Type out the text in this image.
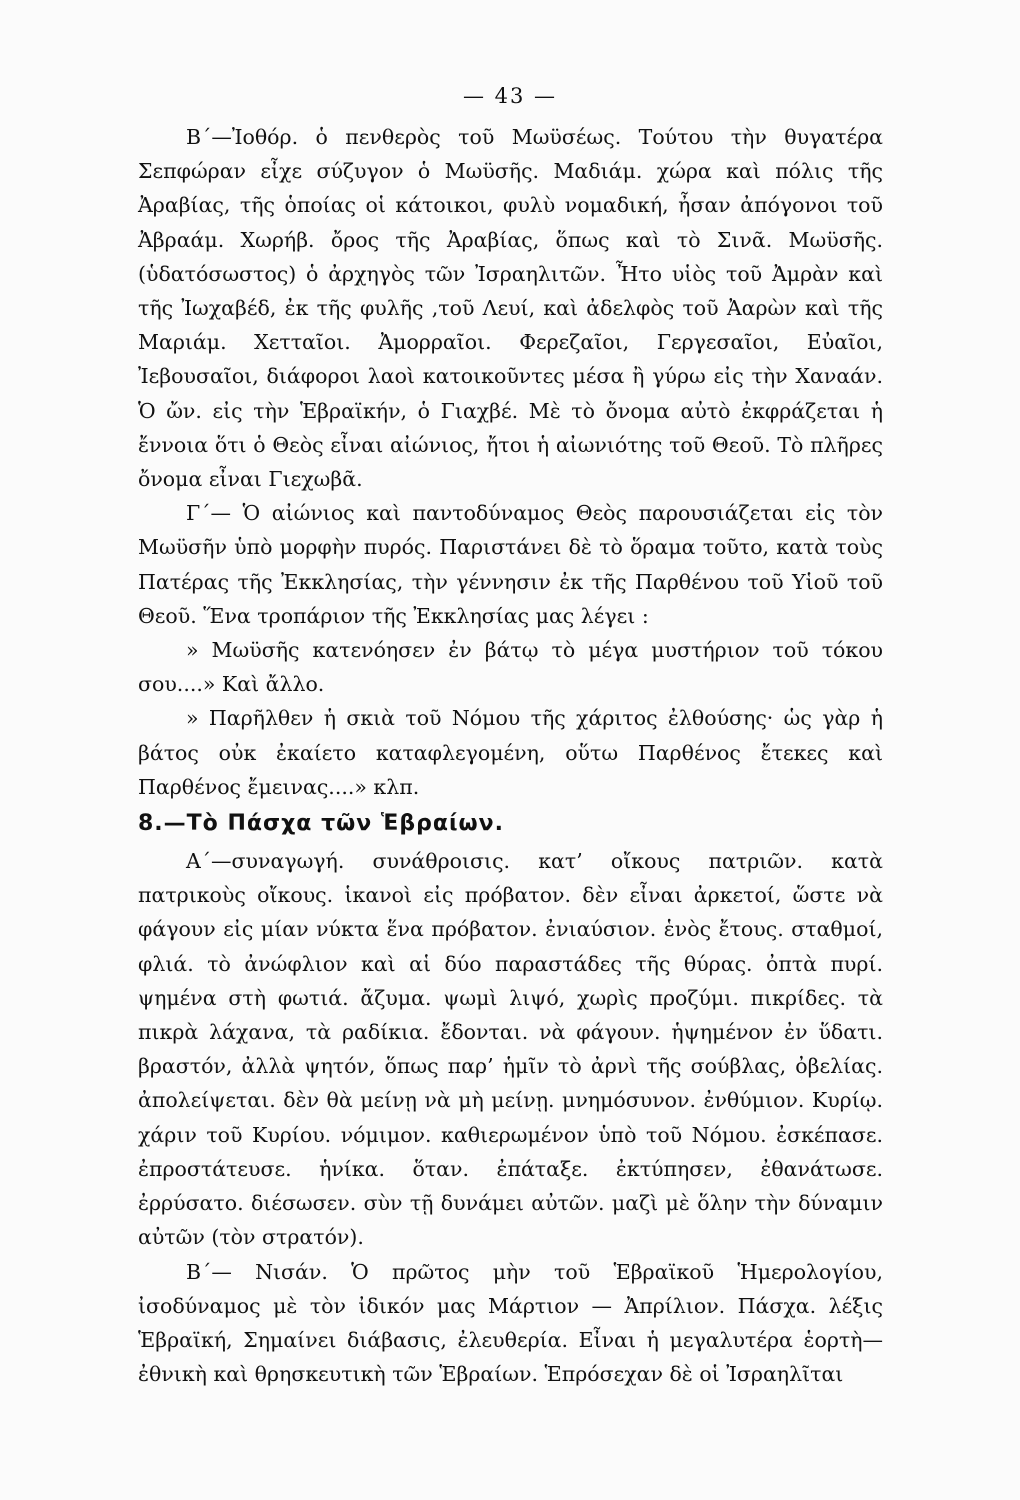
— 43 —

Β΄—Ἰοθόρ. ὁ πενθερὸς τοῦ Μωϋσέως. Τούτου τὴν θυγατέρα Σεπφώραν εἶχε σύζυγον ὁ Μωϋσῆς. Μαδιάμ. χώρα καὶ πόλις τῆς Ἀραβίας, τῆς ὁποίας οἱ κάτοικοι, φυλὺ νομαδική, ἦσαν ἀπόγονοι τοῦ Ἀβραάμ. Χωρήβ. ὄρος τῆς Ἀραβίας, ὅπως καὶ τὸ Σινᾶ. Μωϋσῆς. (ὑδατόσωστος) ὁ ἀρχηγὸς τῶν Ἰσραηλιτῶν. Ἦτο υἱὸς τοῦ Ἀμρὰν καὶ τῆς Ἰωχαβέδ, ἐκ τῆς φυλῆς ,τοῦ Λευί, καὶ ἀδελφὸς τοῦ Ἀαρὼν καὶ τῆς Μαριάμ. Χετταῖοι. Ἀμορραῖοι. Φερεζαῖοι, Γεργεσαῖοι, Εὐαῖοι, Ἰεβουσαῖοι, διάφοροι λαοὶ κατοικοῦντες μέσα ἢ γύρω εἰς τὴν Χαναάν. Ὁ ὤν. εἰς τὴν Ἑβραϊκήν, ὁ Γιαχβέ. Μὲ τὸ ὄνομα αὐτὸ ἐκφράζεται ἡ ἔννοια ὅτι ὁ Θεὸς εἶναι αἰώνιος, ἤτοι ἡ αἰωνιότης τοῦ Θεοῦ. Τὸ πλῆρες ὄνομα εἶναι Γιεχωβᾶ.

Γ΄— Ὁ αἰώνιος καὶ παντοδύναμος Θεὸς παρουσιάζεται εἰς τὸν Μωϋσῆν ὑπὸ μορφὴν πυρός. Παριστάνει δὲ τὸ ὅραμα τοῦτο, κατὰ τοὺς Πατέρας τῆς Ἐκκλησίας, τὴν γέννησιν ἐκ τῆς Παρθένου τοῦ Υἱοῦ τοῦ Θεοῦ. Ἕνα τροπάριον τῆς Ἐκκλησίας μας λέγει :

» Μωϋσῆς κατενόησεν ἐν βάτῳ τὸ μέγα μυστήριον τοῦ τόκου σου....» Καὶ ἄλλο.

» Παρῆλθεν ἡ σκιὰ τοῦ Νόμου τῆς χάριτος ἐλθούσης· ὡς γὰρ ἡ βάτος οὐκ ἐκαίετο καταφλεγομένη, οὕτω Παρθένος ἔτεκες καὶ Παρθένος ἔμεινας....» κλπ.

8.—Τὸ Πάσχα τῶν Ἑβραίων.

Α΄—συναγωγή. συνάθροισις. κατ’ οἴκους πατριῶν. κατὰ πατρικοὺς οἴκους. ἱκανοὶ εἰς πρόβατον. δὲν εἶναι ἀρκετοί, ὥστε νὰ φάγουν εἰς μίαν νύκτα ἕνα πρόβατον. ἐνιαύσιον. ἑνὸς ἔτους. σταθμοί, φλιά. τὸ ἀνώφλιον καὶ αἱ δύο παραστάδες τῆς θύρας. ὀπτὰ πυρί. ψημένα στὴ φωτιά. ἄζυμα. ψωμὶ λιψό, χωρὶς προζύμι. πικρίδες. τὰ πικρὰ λάχανα, τὰ ραδίκια. ἔδονται. νὰ φάγουν. ἡψημένον ἐν ὕδατι. βραστόν, ἀλλὰ ψητόν, ὅπως παρ’ ἡμῖν τὸ ἀρνὶ τῆς σούβλας, ὀβελίας. ἀπολείψεται. δὲν θὰ μείνῃ νὰ μὴ μείνῃ. μνημόσυνον. ἐνθύμιον. Κυρίῳ. χάριν τοῦ Κυρίου. νόμιμον. καθιερωμένον ὑπὸ τοῦ Νόμου. ἐσκέπασε. ἐπροστάτευσε. ἡνίκα. ὅταν. ἐπάταξε. ἐκτύπησεν, ἐθανάτωσε. ἐρρύσατο. διέσωσεν. σὺν τῇ δυνάμει αὐτῶν. μαζὶ μὲ ὅλην τὴν δύναμιν αὐτῶν (τὸν στρατόν).

Β΄— Νισάν. Ὁ πρῶτος μὴν τοῦ Ἑβραϊκοῦ Ἡμερολογίου, ἰσοδύναμος μὲ τὸν ἰδικόν μας Μάρτιον — Ἀπρίλιον. Πάσχα. λέξις Ἑβραϊκή, Σημαίνει διάβασις, ἐλευθερία. Εἶναι ἡ μεγαλυτέρα ἑορτὴ— ἐθνικὴ καὶ θρησκευτικὴ τῶν Ἑβραίων. Ἑπρόσεχαν δὲ οἱ Ἰσραηλῖται
